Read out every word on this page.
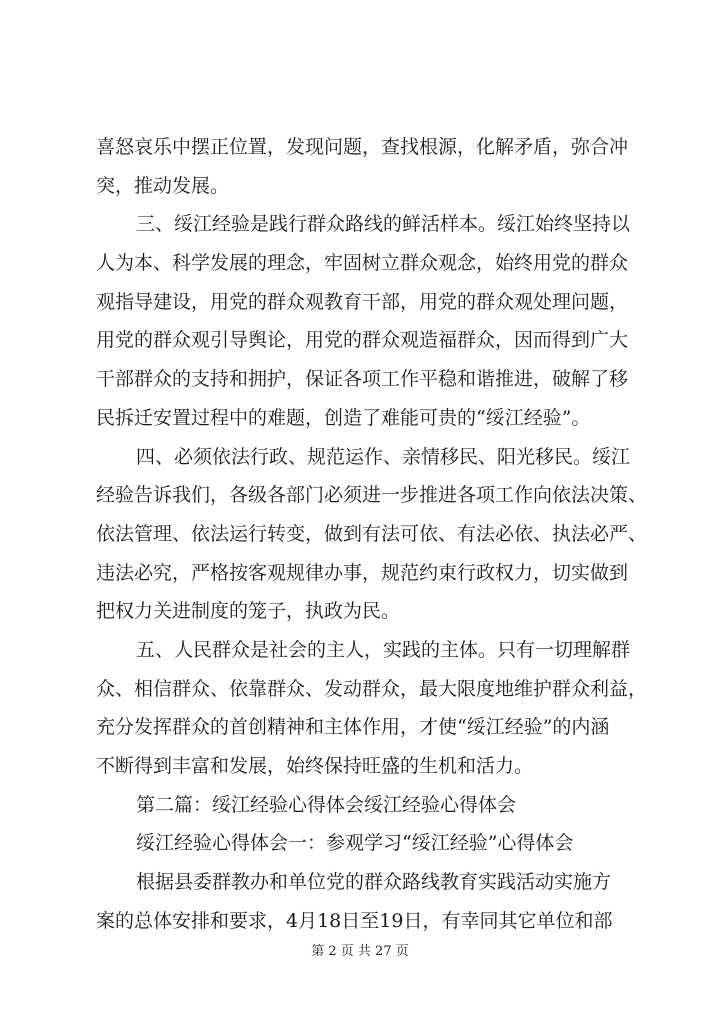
喜怒哀乐中摆正位置，发现问题，查找根源，化解矛盾，弥合冲
突，推动发展。
三、绥江经验是践行群众路线的鲜活样本。绥江始终坚持以
人为本、科学发展的理念，牢固树立群众观念，始终用党的群众
观指导建设，用党的群众观教育干部，用党的群众观处理问题，
用党的群众观引导舆论，用党的群众观造福群众，因而得到广大
干部群众的支持和拥护，保证各项工作平稳和谐推进，破解了移
民拆迁安置过程中的难题，创造了难能可贵的“绥江经验”。
四、必须依法行政、规范运作、亲情移民、阳光移民。绥江
经验告诉我们，各级各部门必须进一步推进各项工作向依法决策、
依法管理、依法运行转变，做到有法可依、有法必依、执法必严、
违法必究，严格按客观规律办事，规范约束行政权力，切实做到
把权力关进制度的笼子，执政为民。
五、人民群众是社会的主人，实践的主体。只有一切理解群
众、相信群众、依靠群众、发动群众，最大限度地维护群众利益，
充分发挥群众的首创精神和主体作用，才使“绥江经验”的内涵
不断得到丰富和发展，始终保持旺盛的生机和活力。
第二篇：绥江经验心得体会绥江经验心得体会
绥江经验心得体会一：参观学习“绥江经验”心得体会
根据县委群教办和单位党的群众路线教育实践活动实施方
案的总体安排和要求，4月18日至19日，有幸同其它单位和部
第 2 页 共 27 页
